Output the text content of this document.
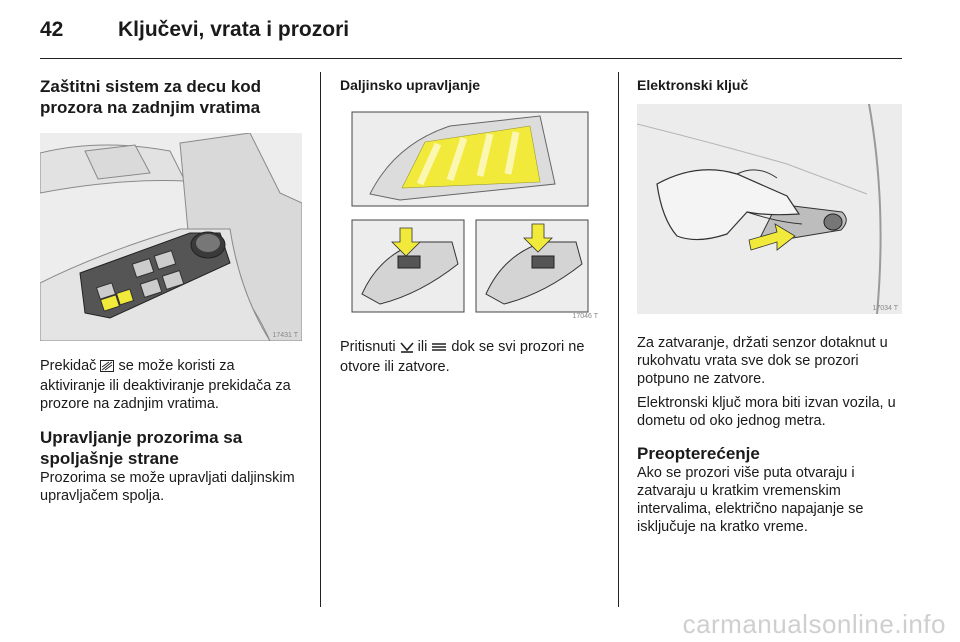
42	Ključevi, vrata i prozori
Zaštitni sistem za decu kod prozora na zadnjim vratima
17431 T

Prekidač se može koristi za aktiviranje ili deaktiviranje prekidača za prozore na zadnjim vratima.

Upravljanje prozorima sa spoljašnje strane

Prozorima se može upravljati daljinskim upravljačem spolja.

Daljinsko upravljanje
17046 T

Pritisnuti ili dok se svi prozori ne otvore ili zatvore.

Elektronski ključ
17034 T

Za zatvaranje, držati senzor dotaknut u rukohvatu vrata sve dok se prozori potpuno ne zatvore.

Elektronski ključ mora biti izvan vozila, u dometu od oko jednog metra.

Preopterećenje

Ako se prozori više puta otvaraju i zatvaraju u kratkim vremenskim intervalima, električno napajanje se isključuje na kratko vreme.

carmanualsonline.info
